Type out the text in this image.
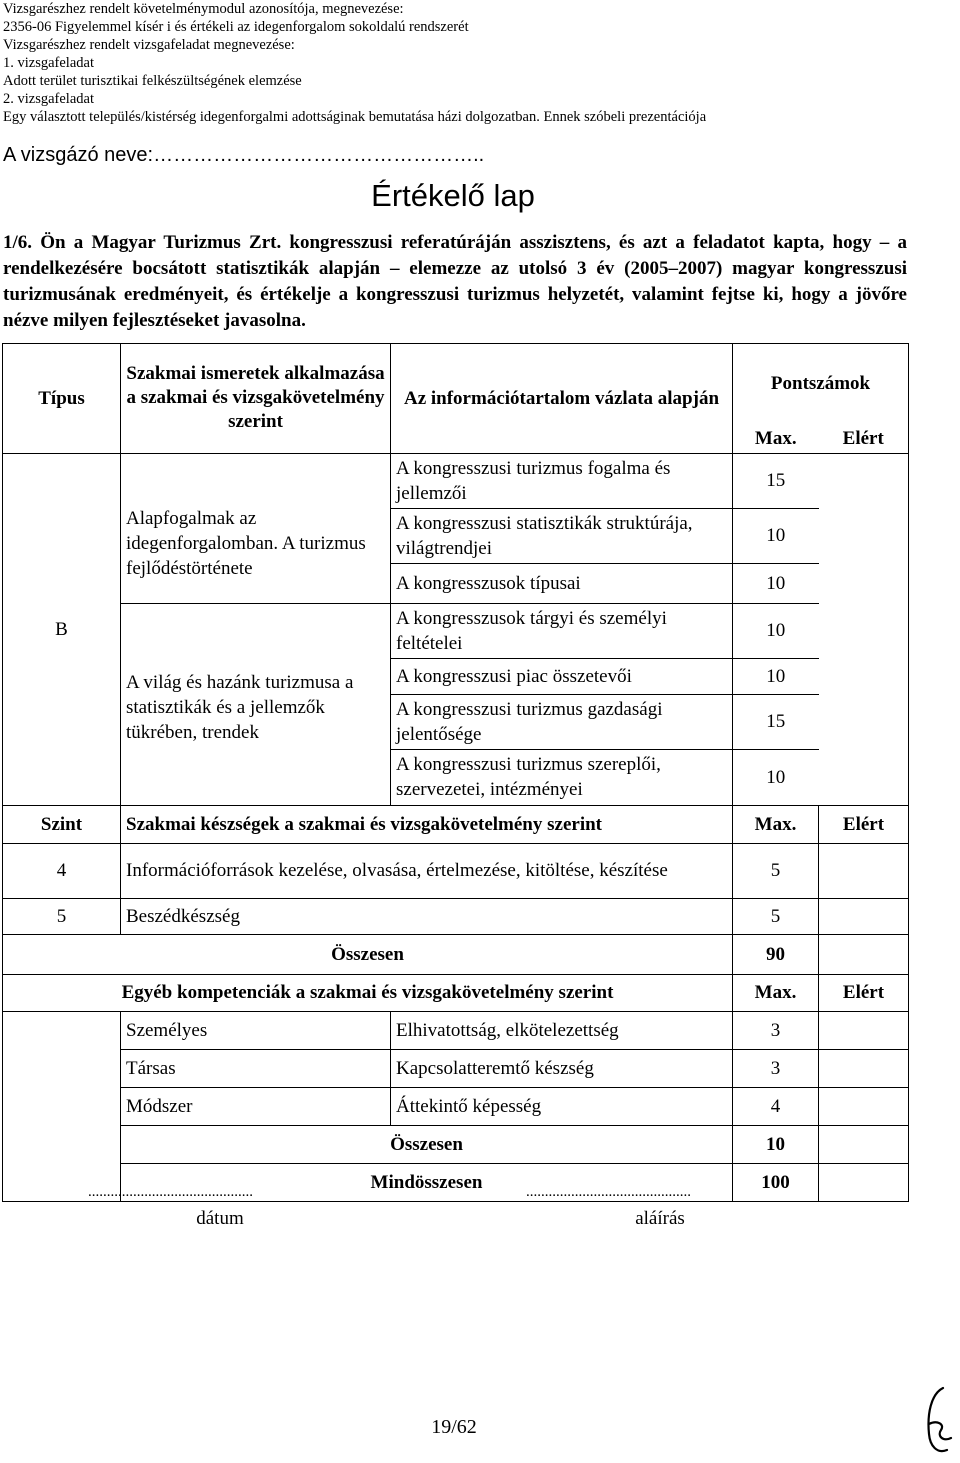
Vizsgarészhez rendelt követelménymodul azonosítója, megnevezése:
2356-06 Figyelemmel kísér i és értékeli az idegenforgalom sokoldalú rendszerét
Vizsgarészhez rendelt vizsgafeladat megnevezése:
1. vizsgafeladat
Adott terület turisztikai felkészültségének elemzése
2. vizsgafeladat
Egy választott település/kistérség idegenforgalmi adottságinak bemutatása házi dolgozatban. Ennek szóbeli prezentációja
A vizsgázó neve:…………………………………………..
Értékelő lap
1/6. Ön a Magyar Turizmus Zrt. kongresszusi referatúráján asszisztens, és azt a feladatot kapta, hogy – a rendelkezésére bocsátott statisztikák alapján – elemezze az utolsó 3 év (2005–2007) magyar kongresszusi turizmusának eredményeit, és értékelje a kongresszusi turizmus helyzetét, valamint fejtse ki, hogy a jövőre nézve milyen fejlesztéseket javasolna.
Típus	Szakmai ismeretek alkalmazása a szakmai és vizsgakövetelmény szerint	Az információtartalom vázlata alapján	Pontszámok	
			Max.	Elért
B	Alapfogalmak az idegenforgalomban. A turizmus fejlődéstörténete	A kongresszusi turizmus fogalma és jellemzői	15	
		A kongresszusi statisztikák struktúrája, világtrendjei	10	
		A kongresszusok típusai	10	
	A világ és hazánk turizmusa a statisztikák és a jellemzők tükrében, trendek	A kongresszusok tárgyi és személyi feltételei	10	
		A kongresszusi piac összetevői	10	
		A kongresszusi turizmus gazdasági jelentősége	15	
		A kongresszusi turizmus szereplői, szervezetei, intézményei	10	
Szint	Szakmai készségek a szakmai és vizsgakövetelmény szerint		Max.	Elért
4	Információforrások kezelése, olvasása, értelmezése, kitöltése, készítése		5	
5	Beszédkészség		5	
Összesen			90	
Egyéb kompetenciák a szakmai és vizsgakövetelmény szerint			Max.	Elért
	Személyes	Elhivatottság, elkötelezettség	3	
	Társas	Kapcsolatteremtő készség	3	
	Módszer	Áttekintő képesség	4	
	Összesen		10	
	Mindösszesen		100	
............................................
dátum
............................................
aláírás
19/62
